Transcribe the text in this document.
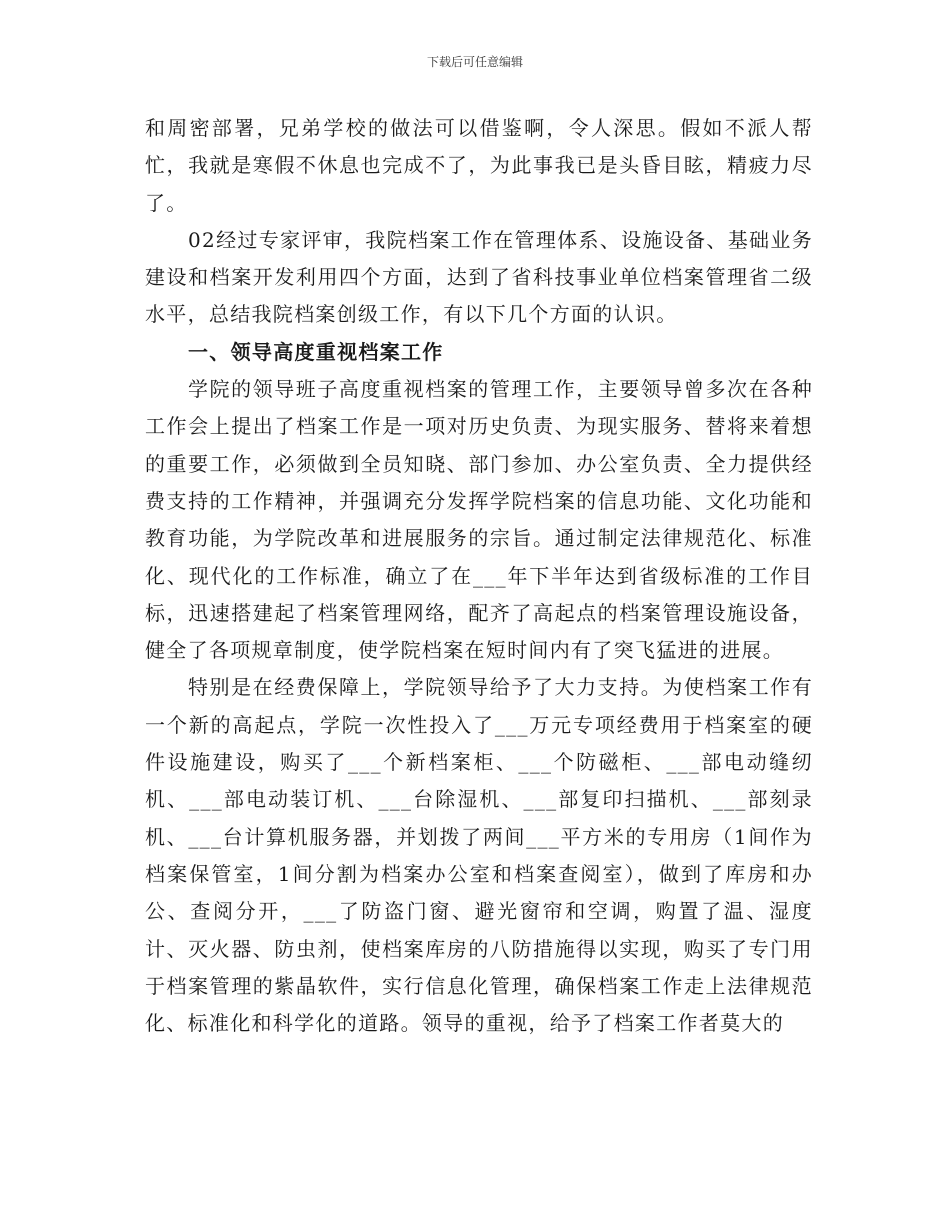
下载后可任意编辑

和周密部署，兄弟学校的做法可以借鉴啊，令人深思。假如不派人帮忙，我就是寒假不休息也完成不了，为此事我已是头昏目眩，精疲力尽了。

02经过专家评审，我院档案工作在管理体系、设施设备、基础业务建设和档案开发利用四个方面，达到了省科技事业单位档案管理省二级水平，总结我院档案创级工作，有以下几个方面的认识。

一、领导高度重视档案工作

学院的领导班子高度重视档案的管理工作，主要领导曾多次在各种工作会上提出了档案工作是一项对历史负责、为现实服务、替将来着想的重要工作，必须做到全员知晓、部门参加、办公室负责、全力提供经费支持的工作精神，并强调充分发挥学院档案的信息功能、文化功能和教育功能，为学院改革和进展服务的宗旨。通过制定法律规范化、标准化、现代化的工作标准，确立了在___年下半年达到省级标准的工作目标，迅速搭建起了档案管理网络，配齐了高起点的档案管理设施设备，健全了各项规章制度，使学院档案在短时间内有了突飞猛进的进展。

特别是在经费保障上，学院领导给予了大力支持。为使档案工作有一个新的高起点，学院一次性投入了___万元专项经费用于档案室的硬件设施建设，购买了___个新档案柜、___个防磁柜、___部电动缝纫机、___部电动装订机、___台除湿机、___部复印扫描机、___部刻录机、___台计算机服务器，并划拨了两间___平方米的专用房（1间作为档案保管室，1间分割为档案办公室和档案查阅室），做到了库房和办公、查阅分开，___了防盗门窗、避光窗帘和空调，购置了温、湿度计、灭火器、防虫剂，使档案库房的八防措施得以实现，购买了专门用于档案管理的紫晶软件，实行信息化管理，确保档案工作走上法律规范化、标准化和科学化的道路。领导的重视，给予了档案工作者莫大的
